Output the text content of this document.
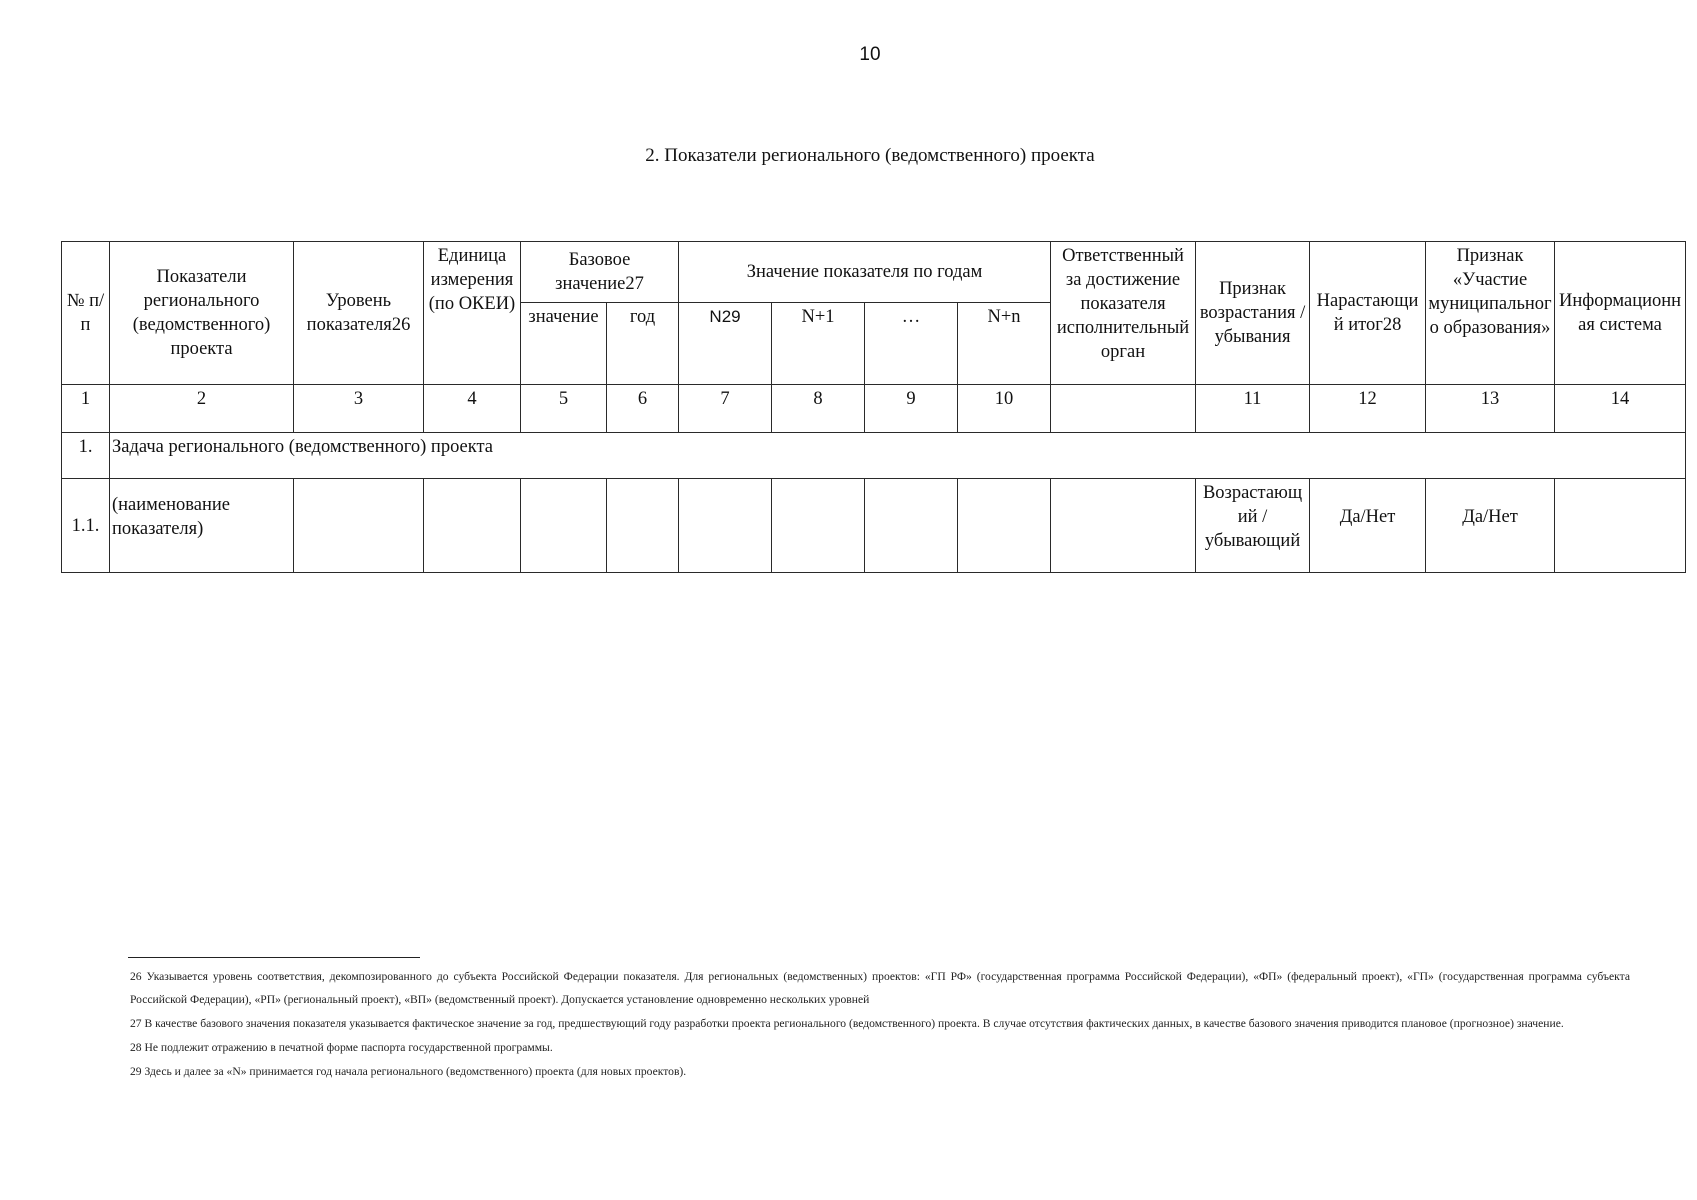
10
2. Показатели регионального (ведомственного) проекта
№ п/п	Показатели регионального (ведомственного) проекта	Уровень показателя26	Единица измерения (по ОКЕИ)	Базовое значение27		Значение показателя по годам				Ответственный за достижение показателя исполнительный орган	Признак возрастания /убывания	Нарастающий итог28	Признак «Участие муниципального образования»	Информационная система
				значение	год	N29	N+1	…	N+n					
1	2	3	4	5	6	7	8	9	10		11	12	13	14
1.	Задача регионального (ведомственного) проекта													
1.1.	(наименование показателя)										Возрастающий / убывающий	Да/Нет	Да/Нет	

26 Указывается уровень соответствия, декомпозированного до субъекта Российской Федерации показателя. Для региональных (ведомственных) проектов: «ГП РФ» (государственная программа Российской Федерации), «ФП» (федеральный проект), «ГП» (государственная программа субъекта Российской Федерации), «РП» (региональный проект), «ВП» (ведомственный проект). Допускается установление одновременно нескольких уровней

27 В качестве базового значения показателя указывается фактическое значение за год, предшествующий году разработки проекта регионального (ведомственного) проекта. В случае отсутствия фактических данных, в качестве базового значения приводится плановое (прогнозное) значение.

28 Не подлежит отражению в печатной форме паспорта государственной программы.

29 Здесь и далее за «N» принимается год начала регионального (ведомственного) проекта (для новых проектов).
